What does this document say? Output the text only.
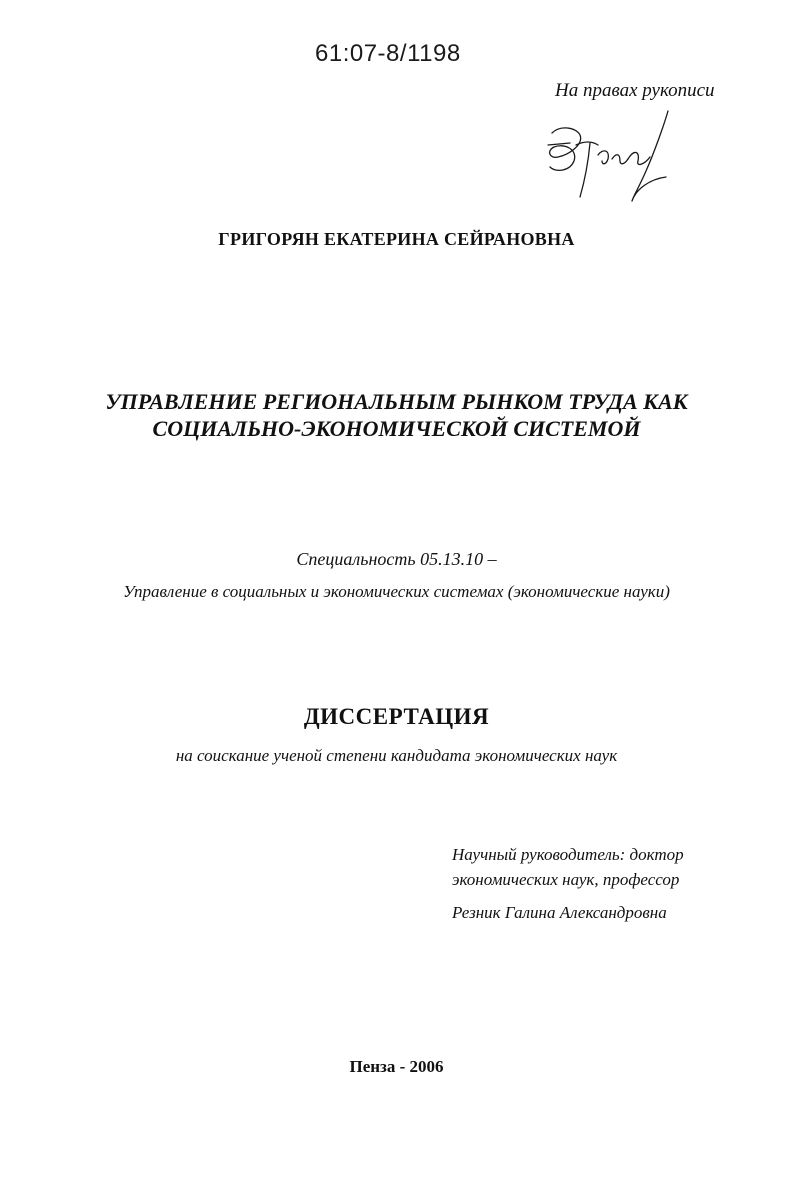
61:07-8/1198
На правах рукописи
ГРИГОРЯН ЕКАТЕРИНА СЕЙРАНОВНА
УПРАВЛЕНИЕ РЕГИОНАЛЬНЫМ РЫНКОМ ТРУДА КАК
СОЦИАЛЬНО-ЭКОНОМИЧЕСКОЙ СИСТЕМОЙ
Специальность 05.13.10 –
Управление в социальных и экономических системах (экономические науки)
ДИССЕРТАЦИЯ
на соискание ученой степени кандидата экономических наук
Научный руководитель: доктор
экономических наук, профессор
Резник Галина Александровна
Пенза - 2006
